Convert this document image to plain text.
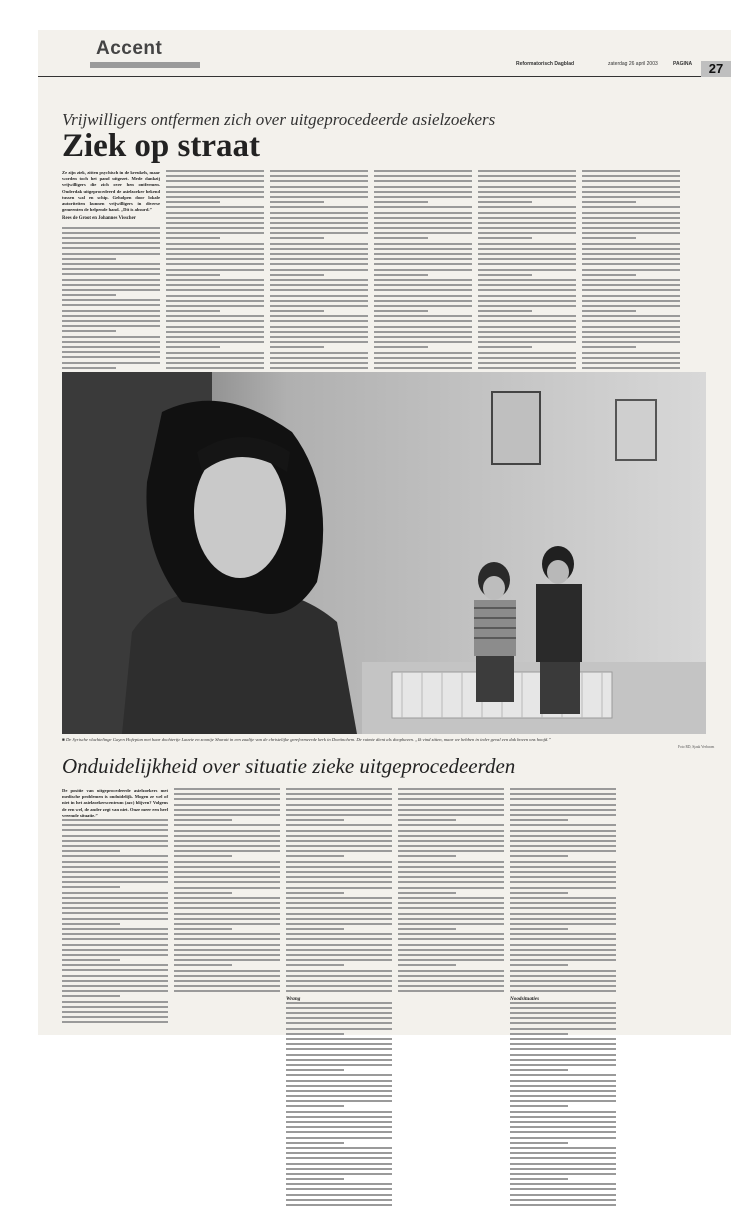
Accent
Reformatorisch Dagblad	zaterdag 26 april 2003	PAGINA	27
Vrijwilligers ontfermen zich over uitgeprocedeerde asielzoekers
Ziek op straat
Ze zijn ziek, zitten psychisch in de kreukels, maar worden toch het pand uitgezet. Mede dankzij vrijwilligers die zich over hen ontfermen. Onderdak uitgeprocedeerd de asielzoeker bekend tussen wal en schip. Geholpen door lokale autoriteiten kunnen vrijwilligers in diverse gemeenten de helpende hand. „Dit is absurd.”
Rees de Groot en Johannes Visscher
■ De Syrische vluchtelinge Gayen Hofepian met haar dochtertje Lauvie en zoontje Shuratt in een zaaltje van de christelijke gereformeerde kerk in Doetinchem. De ruimte dient als doophaven. „Ik vind zitten, maar we hebben in ieder geval een dak boven ons hoofd.”
Foto RD, Sjaak Verboom
Onduidelijkheid over situatie zieke uitgeprocedeerden
De positie van uitgeprocedeerde asielzoekers met medische problemen is onduidelijk. Mogen ze wel of niet in het asielzoekerscentrum (azc) blijven? Volgens de een wel, de ander zegt van niet. Onze meer een heel vreemde situatie.”
Wrang	Noodsituaties
